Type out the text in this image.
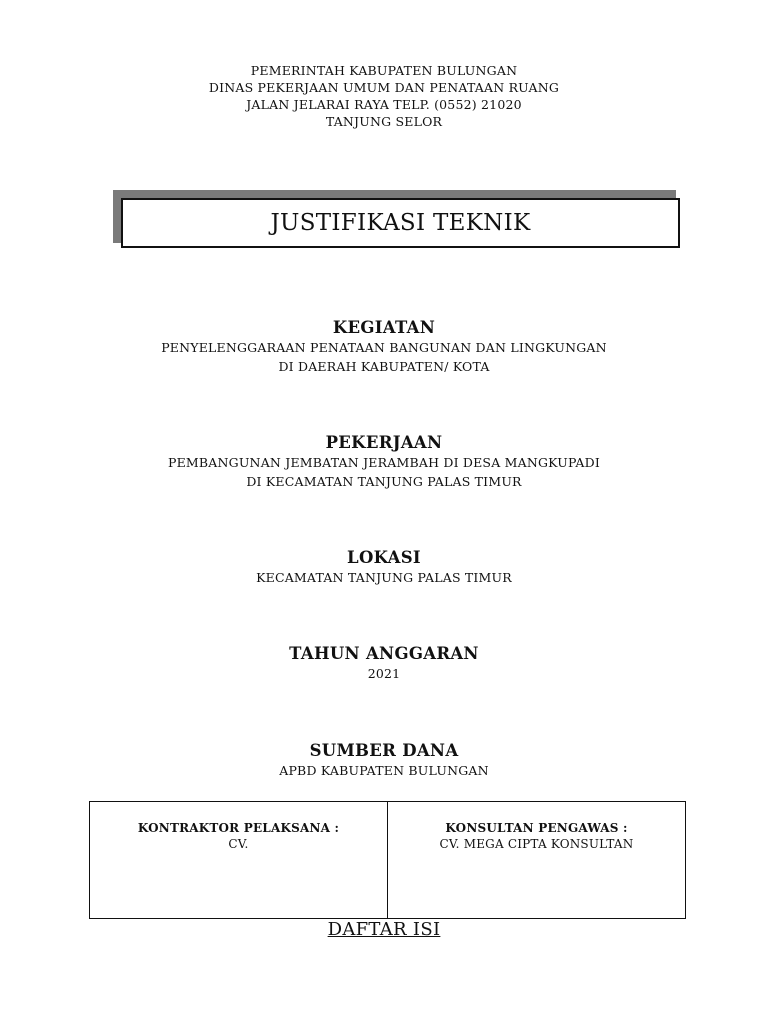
PEMERINTAH KABUPATEN BULUNGAN
DINAS PEKERJAAN UMUM DAN PENATAAN RUANG
JALAN JELARAI RAYA TELP. (0552) 21020
TANJUNG SELOR
JUSTIFIKASI TEKNIK
KEGIATAN
PENYELENGGARAAN PENATAAN BANGUNAN DAN LINGKUNGAN
DI DAERAH KABUPATEN/ KOTA
PEKERJAAN
PEMBANGUNAN JEMBATAN JERAMBAH DI DESA MANGKUPADI
DI KECAMATAN TANJUNG PALAS TIMUR
LOKASI
KECAMATAN TANJUNG PALAS TIMUR
TAHUN ANGGARAN
2021
SUMBER DANA
APBD KABUPATEN BULUNGAN
KONTRAKTOR PELAKSANA :
CV.
KONSULTAN PENGAWAS :
CV. MEGA CIPTA KONSULTAN
DAFTAR ISI
